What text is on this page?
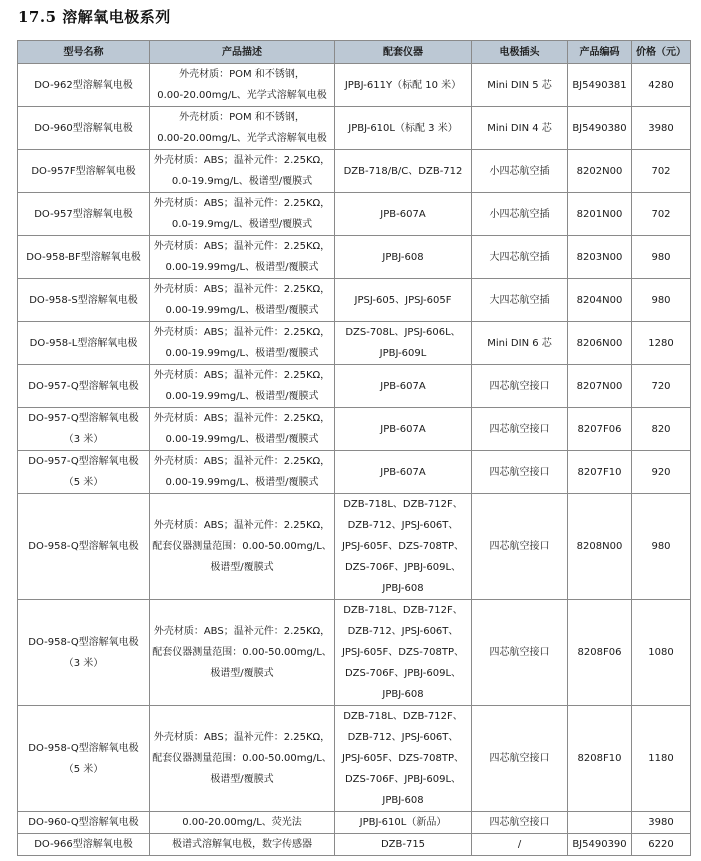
17.5 溶解氧电极系列
型号名称	产品描述	配套仪器	电极插头	产品编码	价格（元）

DO-962型溶解氧电极	外壳材质：POM 和不锈钢，
0.00-20.00mg/L、光学式溶解氧电极	JPBJ-611Y（标配 10 米）	Mini DIN 5 芯	BJ5490381	4280

DO-960型溶解氧电极	外壳材质：POM 和不锈钢，
0.00-20.00mg/L、光学式溶解氧电极	JPBJ-610L（标配 3 米）	Mini DIN 4 芯	BJ5490380	3980

DO-957F型溶解氧电极	外壳材质：ABS；温补元件：2.25KΩ，
0.0-19.9mg/L、极谱型/覆膜式	DZB-718/B/C、DZB-712	小四芯航空插	8202N00	702

DO-957型溶解氧电极	外壳材质：ABS；温补元件：2.25KΩ，
0.0-19.9mg/L、极谱型/覆膜式	JPB-607A	小四芯航空插	8201N00	702

DO-958-BF型溶解氧电极	外壳材质：ABS；温补元件：2.25KΩ，
0.00-19.99mg/L、极谱型/覆膜式	JPBJ-608	大四芯航空插	8203N00	980

DO-958-S型溶解氧电极	外壳材质：ABS；温补元件：2.25KΩ，
0.00-19.99mg/L、极谱型/覆膜式	JPSJ-605、JPSJ-605F	大四芯航空插	8204N00	980

DO-958-L型溶解氧电极	外壳材质：ABS；温补元件：2.25KΩ，
0.00-19.99mg/L、极谱型/覆膜式	DZS-708L、JPSJ-606L、
JPBJ-609L	Mini DIN 6 芯	8206N00	1280

DO-957-Q型溶解氧电极	外壳材质：ABS；温补元件：2.25KΩ，
0.00-19.99mg/L、极谱型/覆膜式	JPB-607A	四芯航空接口	8207N00	720

DO-957-Q型溶解氧电极
（3 米）	外壳材质：ABS；温补元件：2.25KΩ，
0.00-19.99mg/L、极谱型/覆膜式	JPB-607A	四芯航空接口	8207F06	820

DO-957-Q型溶解氧电极
（5 米）	外壳材质：ABS；温补元件：2.25KΩ，
0.00-19.99mg/L、极谱型/覆膜式	JPB-607A	四芯航空接口	8207F10	920

DO-958-Q型溶解氧电极	外壳材质：ABS；温补元件：2.25KΩ，
配套仪器测量范围：0.00-50.00mg/L、
极谱型/覆膜式	DZB-718L、DZB-712F、
DZB-712、JPSJ-606T、
JPSJ-605F、DZS-708TP、
DZS-706F、JPBJ-609L、
JPBJ-608	四芯航空接口	8208N00	980

DO-958-Q型溶解氧电极
（3 米）	外壳材质：ABS；温补元件：2.25KΩ，
配套仪器测量范围：0.00-50.00mg/L、
极谱型/覆膜式	DZB-718L、DZB-712F、
DZB-712、JPSJ-606T、
JPSJ-605F、DZS-708TP、
DZS-706F、JPBJ-609L、
JPBJ-608	四芯航空接口	8208F06	1080

DO-958-Q型溶解氧电极
（5 米）	外壳材质：ABS；温补元件：2.25KΩ，
配套仪器测量范围：0.00-50.00mg/L、
极谱型/覆膜式	DZB-718L、DZB-712F、
DZB-712、JPSJ-606T、
JPSJ-605F、DZS-708TP、
DZS-706F、JPBJ-609L、
JPBJ-608	四芯航空接口	8208F10	1180

DO-960-Q型溶解氧电极	0.00-20.00mg/L、荧光法	JPBJ-610L（新品）	四芯航空接口		3980

DO-966型溶解氧电极	极谱式溶解氧电极，数字传感器	DZB-715	/	BJ5490390	6220
